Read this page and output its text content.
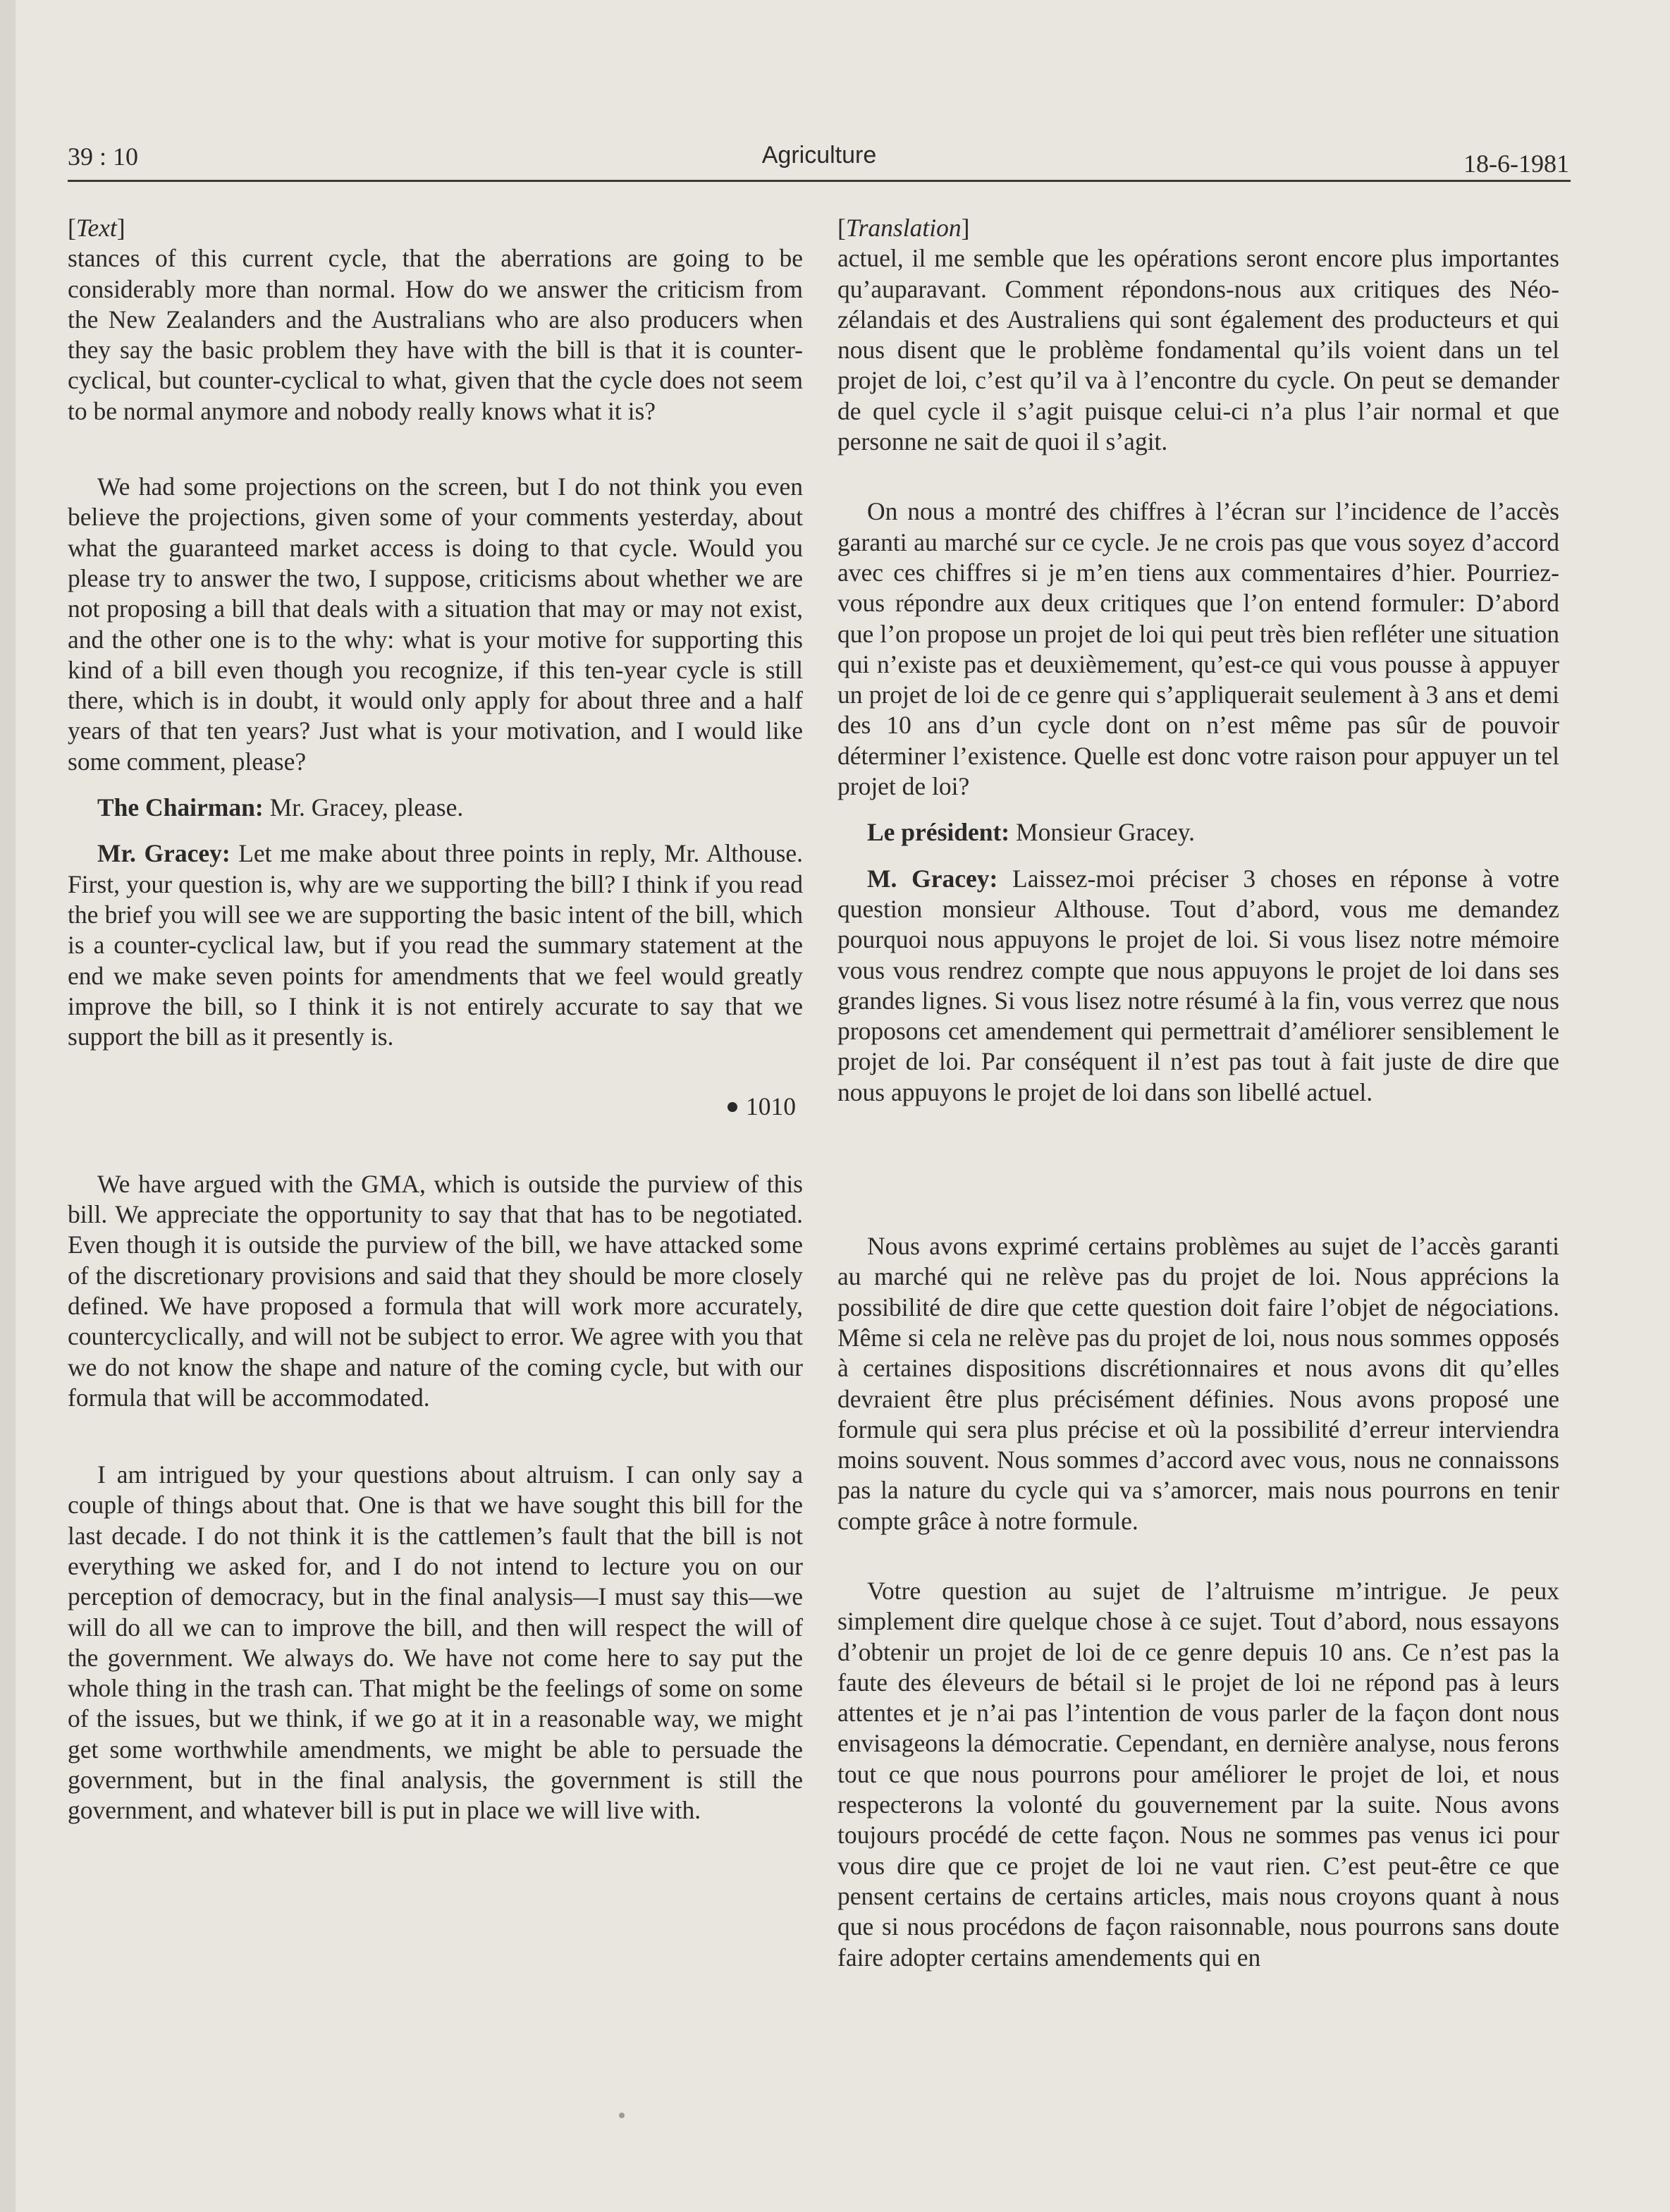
39 : 10	Agriculture	18-6-1981

[Text]

stances of this current cycle, that the aberrations are going to be considerably more than normal. How do we answer the criticism from the New Zealanders and the Australians who are also producers when they say the basic problem they have with the bill is that it is counter-cyclical, but counter-cyclical to what, given that the cycle does not seem to be normal anymore and nobody really knows what it is?

We had some projections on the screen, but I do not think you even believe the projections, given some of your comments yesterday, about what the guaranteed market access is doing to that cycle. Would you please try to answer the two, I suppose, criticisms about whether we are not proposing a bill that deals with a situation that may or may not exist, and the other one is to the why: what is your motive for supporting this kind of a bill even though you recognize, if this ten-year cycle is still there, which is in doubt, it would only apply for about three and a half years of that ten years? Just what is your motivation, and I would like some comment, please?

The Chairman: Mr. Gracey, please.

Mr. Gracey: Let me make about three points in reply, Mr. Althouse. First, your question is, why are we supporting the bill? I think if you read the brief you will see we are supporting the basic intent of the bill, which is a counter-cyclical law, but if you read the summary statement at the end we make seven points for amendments that we feel would greatly improve the bill, so I think it is not entirely accurate to say that we support the bill as it presently is.

1010

We have argued with the GMA, which is outside the purview of this bill. We appreciate the opportunity to say that that has to be negotiated. Even though it is outside the purview of the bill, we have attacked some of the discretionary provisions and said that they should be more closely defined. We have proposed a formula that will work more accurately, countercyclically, and will not be subject to error. We agree with you that we do not know the shape and nature of the coming cycle, but with our formula that will be accommodated.

I am intrigued by your questions about altruism. I can only say a couple of things about that. One is that we have sought this bill for the last decade. I do not think it is the cattlemen’s fault that the bill is not everything we asked for, and I do not intend to lecture you on our perception of democracy, but in the final analysis—I must say this—we will do all we can to improve the bill, and then will respect the will of the government. We always do. We have not come here to say put the whole thing in the trash can. That might be the feelings of some on some of the issues, but we think, if we go at it in a reasonable way, we might get some worthwhile amendments, we might be able to persuade the government, but in the final analysis, the government is still the government, and whatever bill is put in place we will live with.

[Translation]

actuel, il me semble que les opérations seront encore plus importantes qu’auparavant. Comment répondons-nous aux critiques des Néo-zélandais et des Australiens qui sont également des producteurs et qui nous disent que le problème fondamental qu’ils voient dans un tel projet de loi, c’est qu’il va à l’encontre du cycle. On peut se demander de quel cycle il s’agit puisque celui-ci n’a plus l’air normal et que personne ne sait de quoi il s’agit.

On nous a montré des chiffres à l’écran sur l’incidence de l’accès garanti au marché sur ce cycle. Je ne crois pas que vous soyez d’accord avec ces chiffres si je m’en tiens aux commentaires d’hier. Pourriez-vous répondre aux deux critiques que l’on entend formuler: D’abord que l’on propose un projet de loi qui peut très bien refléter une situation qui n’existe pas et deuxièmement, qu’est-ce qui vous pousse à appuyer un projet de loi de ce genre qui s’appliquerait seulement à 3 ans et demi des 10 ans d’un cycle dont on n’est même pas sûr de pouvoir déterminer l’existence. Quelle est donc votre raison pour appuyer un tel projet de loi?

Le président: Monsieur Gracey.

M. Gracey: Laissez-moi préciser 3 choses en réponse à votre question monsieur Althouse. Tout d’abord, vous me demandez pourquoi nous appuyons le projet de loi. Si vous lisez notre mémoire vous vous rendrez compte que nous appuyons le projet de loi dans ses grandes lignes. Si vous lisez notre résumé à la fin, vous verrez que nous proposons cet amendement qui permettrait d’améliorer sensiblement le projet de loi. Par conséquent il n’est pas tout à fait juste de dire que nous appuyons le projet de loi dans son libellé actuel.

Nous avons exprimé certains problèmes au sujet de l’accès garanti au marché qui ne relève pas du projet de loi. Nous apprécions la possibilité de dire que cette question doit faire l’objet de négociations. Même si cela ne relève pas du projet de loi, nous nous sommes opposés à certaines dispositions discrétionnaires et nous avons dit qu’elles devraient être plus précisément définies. Nous avons proposé une formule qui sera plus précise et où la possibilité d’erreur interviendra moins souvent. Nous sommes d’accord avec vous, nous ne connaissons pas la nature du cycle qui va s’amorcer, mais nous pourrons en tenir compte grâce à notre formule.

Votre question au sujet de l’altruisme m’intrigue. Je peux simplement dire quelque chose à ce sujet. Tout d’abord, nous essayons d’obtenir un projet de loi de ce genre depuis 10 ans. Ce n’est pas la faute des éleveurs de bétail si le projet de loi ne répond pas à leurs attentes et je n’ai pas l’intention de vous parler de la façon dont nous envisageons la démocratie. Cependant, en dernière analyse, nous ferons tout ce que nous pourrons pour améliorer le projet de loi, et nous respecterons la volonté du gouvernement par la suite. Nous avons toujours procédé de cette façon. Nous ne sommes pas venus ici pour vous dire que ce projet de loi ne vaut rien. C’est peut-être ce que pensent certains de certains articles, mais nous croyons quant à nous que si nous procédons de façon raisonnable, nous pourrons sans doute faire adopter certains amendements qui en
